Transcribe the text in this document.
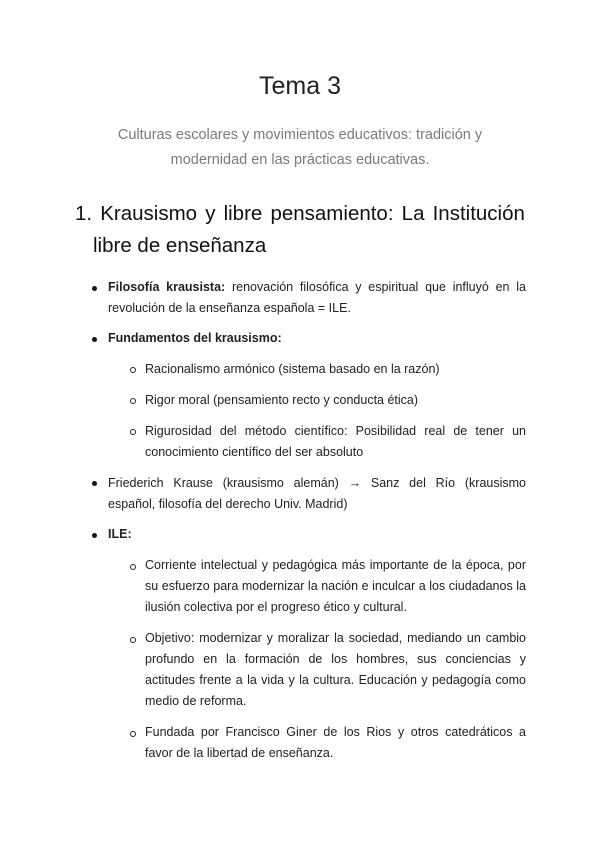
Tema 3
Culturas escolares y movimientos educativos: tradición y
modernidad en las prácticas educativas.
1. Krausismo y libre pensamiento: La Institución
libre de enseñanza
Filosofía krausista: renovación filosófica y espiritual que influyó en la revolución de la enseñanza española = ILE.
Fundamentos del krausismo:
Racionalismo armónico (sistema basado en la razón)
Rigor moral (pensamiento recto y conducta ética)
Rigurosidad del método científico: Posibilidad real de tener un conocimiento científico del ser absoluto
Friederich Krause (krausismo alemán) → Sanz del Río (krausismo español, filosofía del derecho Univ. Madrid)
ILE:
Corriente intelectual y pedagógica más importante de la época, por su esfuerzo para modernizar la nación e inculcar a los ciudadanos la ilusión colectiva por el progreso ético y cultural.
Objetivo: modernizar y moralizar la sociedad, mediando un cambio profundo en la formación de los hombres, sus conciencias y actitudes frente a la vida y la cultura. Educación y pedagogía como medio de reforma.
Fundada por Francisco Giner de los Rios y otros catedráticos a favor de la libertad de enseñanza.
